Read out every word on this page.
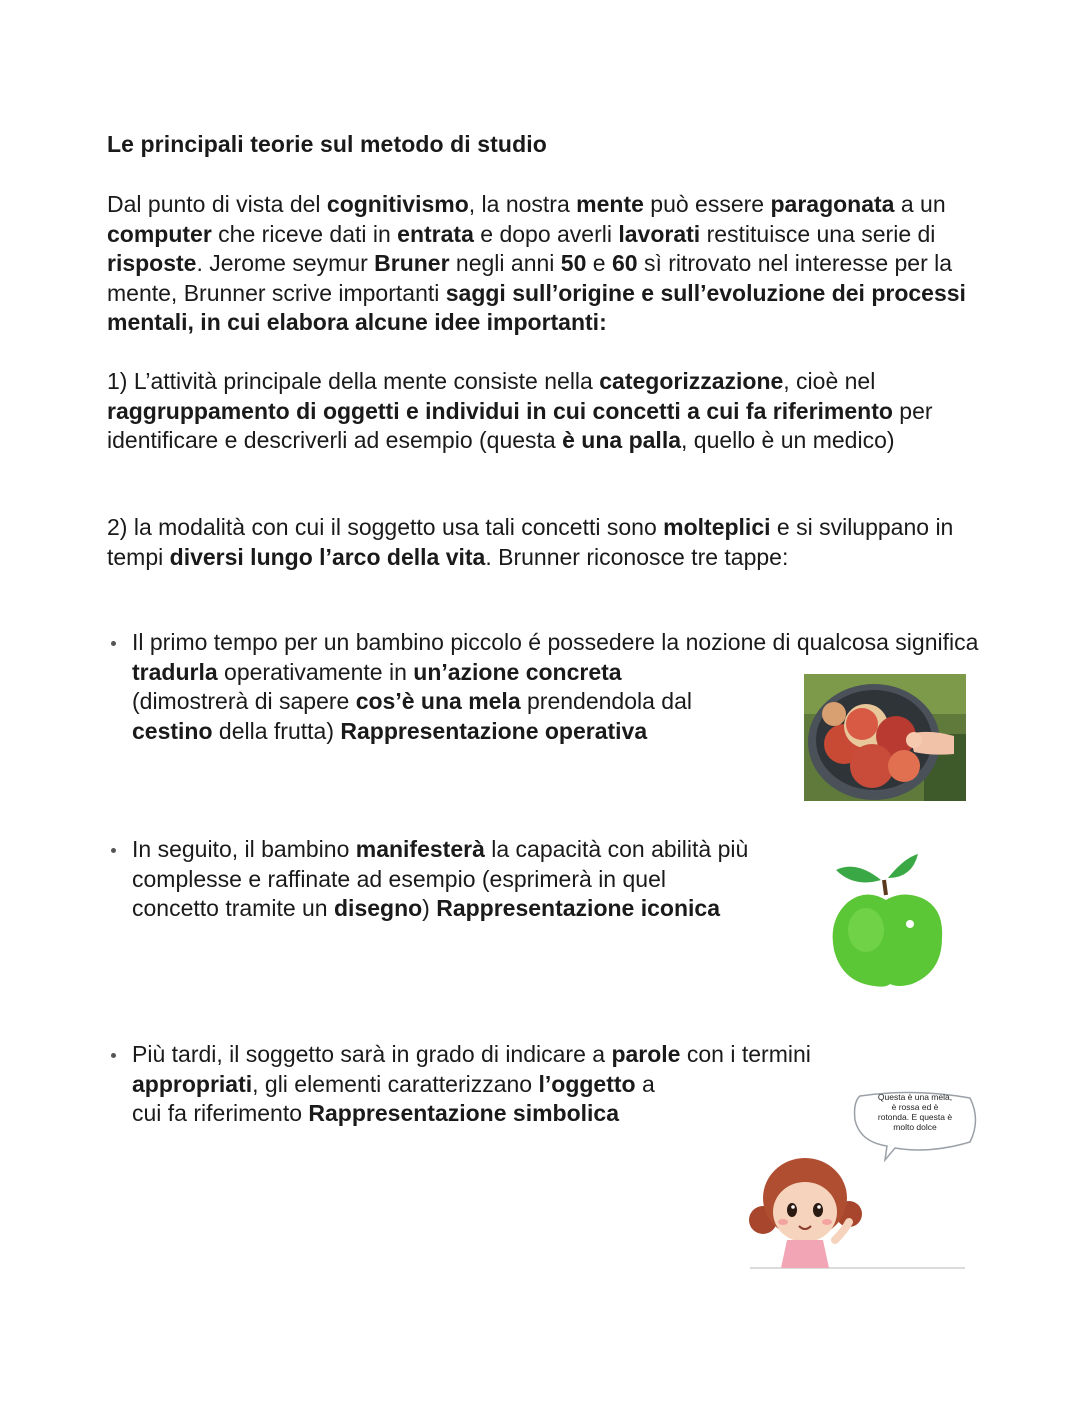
Le principali teorie sul metodo di studio
Dal punto di vista del cognitivismo, la nostra mente può essere paragonata a un computer che riceve dati in entrata e dopo averli lavorati restituisce una serie di risposte. Jerome seymur Bruner negli anni 50 e 60 sì ritrovato nel interesse per la mente, Brunner scrive importanti saggi sull’origine e sull’evoluzione dei processi mentali, in cui elabora alcune idee importanti:
1) L’attività principale della mente consiste nella categorizzazione, cioè nel raggruppamento di oggetti e individui in cui concetti a cui fa riferimento per identificare e descriverli ad esempio (questa è una palla, quello è un medico)
2) la modalità con cui il soggetto usa tali concetti sono molteplici e si sviluppano in tempi diversi lungo l’arco della vita. Brunner riconosce tre tappe:
Il primo tempo per un bambino piccolo é possedere la nozione di qualcosa significa tradurla operativamente in un’azione concreta
(dimostrerà di sapere cos’è una mela prendendola dal
cestino della frutta) Rappresentazione operativa
In seguito, il bambino manifesterà la capacità con abilità più
complesse e raffinate ad esempio (esprimerà in quel
concetto tramite un disegno) Rappresentazione iconica
Più tardi, il soggetto sarà in grado di indicare a parole con i termini
appropriati, gli elementi caratterizzano l’oggetto a
cui fa riferimento Rappresentazione simbolica
Questa è una mela,
è rossa ed è
rotonda. E questa è
molto dolce
